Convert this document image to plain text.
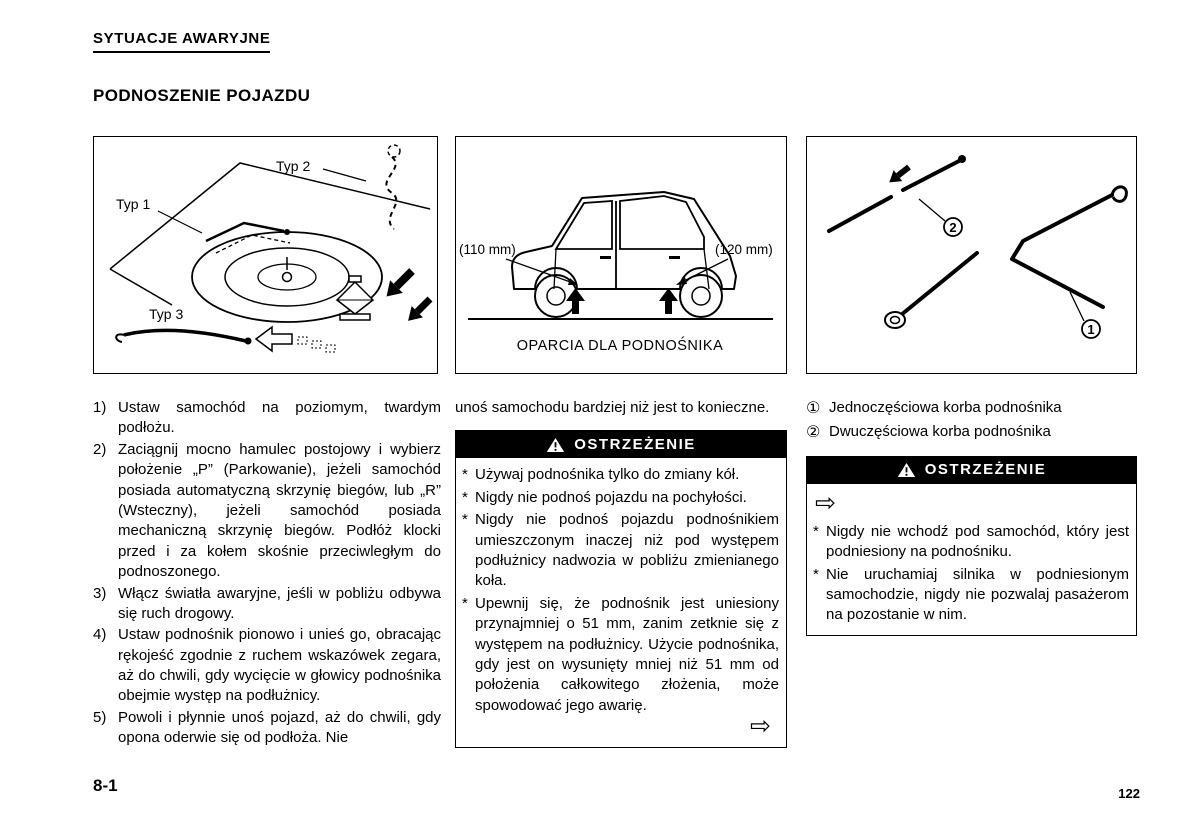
SYTUACJE AWARYJNE
PODNOSZENIE POJAZDU
Typ 2
Typ 1
Typ 3
(110 mm)	(120 mm)
OPARCIA DLA PODNOŚNIKA
2
1
1) Ustaw samochód na poziomym, twardym podłożu.
2) Zaciągnij mocno hamulec postojowy i wybierz położenie „P” (Parkowanie), jeżeli samochód posiada automatyczną skrzynię biegów, lub „R” (Wsteczny), jeżeli samochód posiada mechaniczną skrzynię biegów. Podłóż klocki przed i za kołem skośnie przeciwległym do podnoszonego.
3) Włącz światła awaryjne, jeśli w pobliżu odbywa się ruch drogowy.
4) Ustaw podnośnik pionowo i unieś go, obracając rękojeść zgodnie z ruchem wskazówek zegara, aż do chwili, gdy wycięcie w głowicy podnośnika obejmie występ na podłużnicy.
5) Powoli i płynnie unoś pojazd, aż do chwili, gdy opona oderwie się od podłoża. Nie
unoś samochodu bardziej niż jest to konieczne.
OSTRZEŻENIE
* Używaj podnośnika tylko do zmiany kół.
* Nigdy nie podnoś pojazdu na pochyłości.
* Nigdy nie podnoś pojazdu podnośnikiem umieszczonym inaczej niż pod występem podłużnicy nadwozia w pobliżu zmienianego koła.
* Upewnij się, że podnośnik jest uniesiony przynajmniej o 51 mm, zanim zetknie się z występem na podłużnicy. Użycie podnośnika, gdy jest on wysunięty mniej niż 51 mm od położenia całkowitego złożenia, może spowodować jego awarię.
⇨
① Jednoczęściowa korba podnośnika
② Dwuczęściowa korba podnośnika
OSTRZEŻENIE
⇨
* Nigdy nie wchodź pod samochód, który jest podniesiony na podnośniku.
* Nie uruchamiaj silnika w podniesionym samochodzie, nigdy nie pozwalaj pasażerom na pozostanie w nim.
8-1	122
